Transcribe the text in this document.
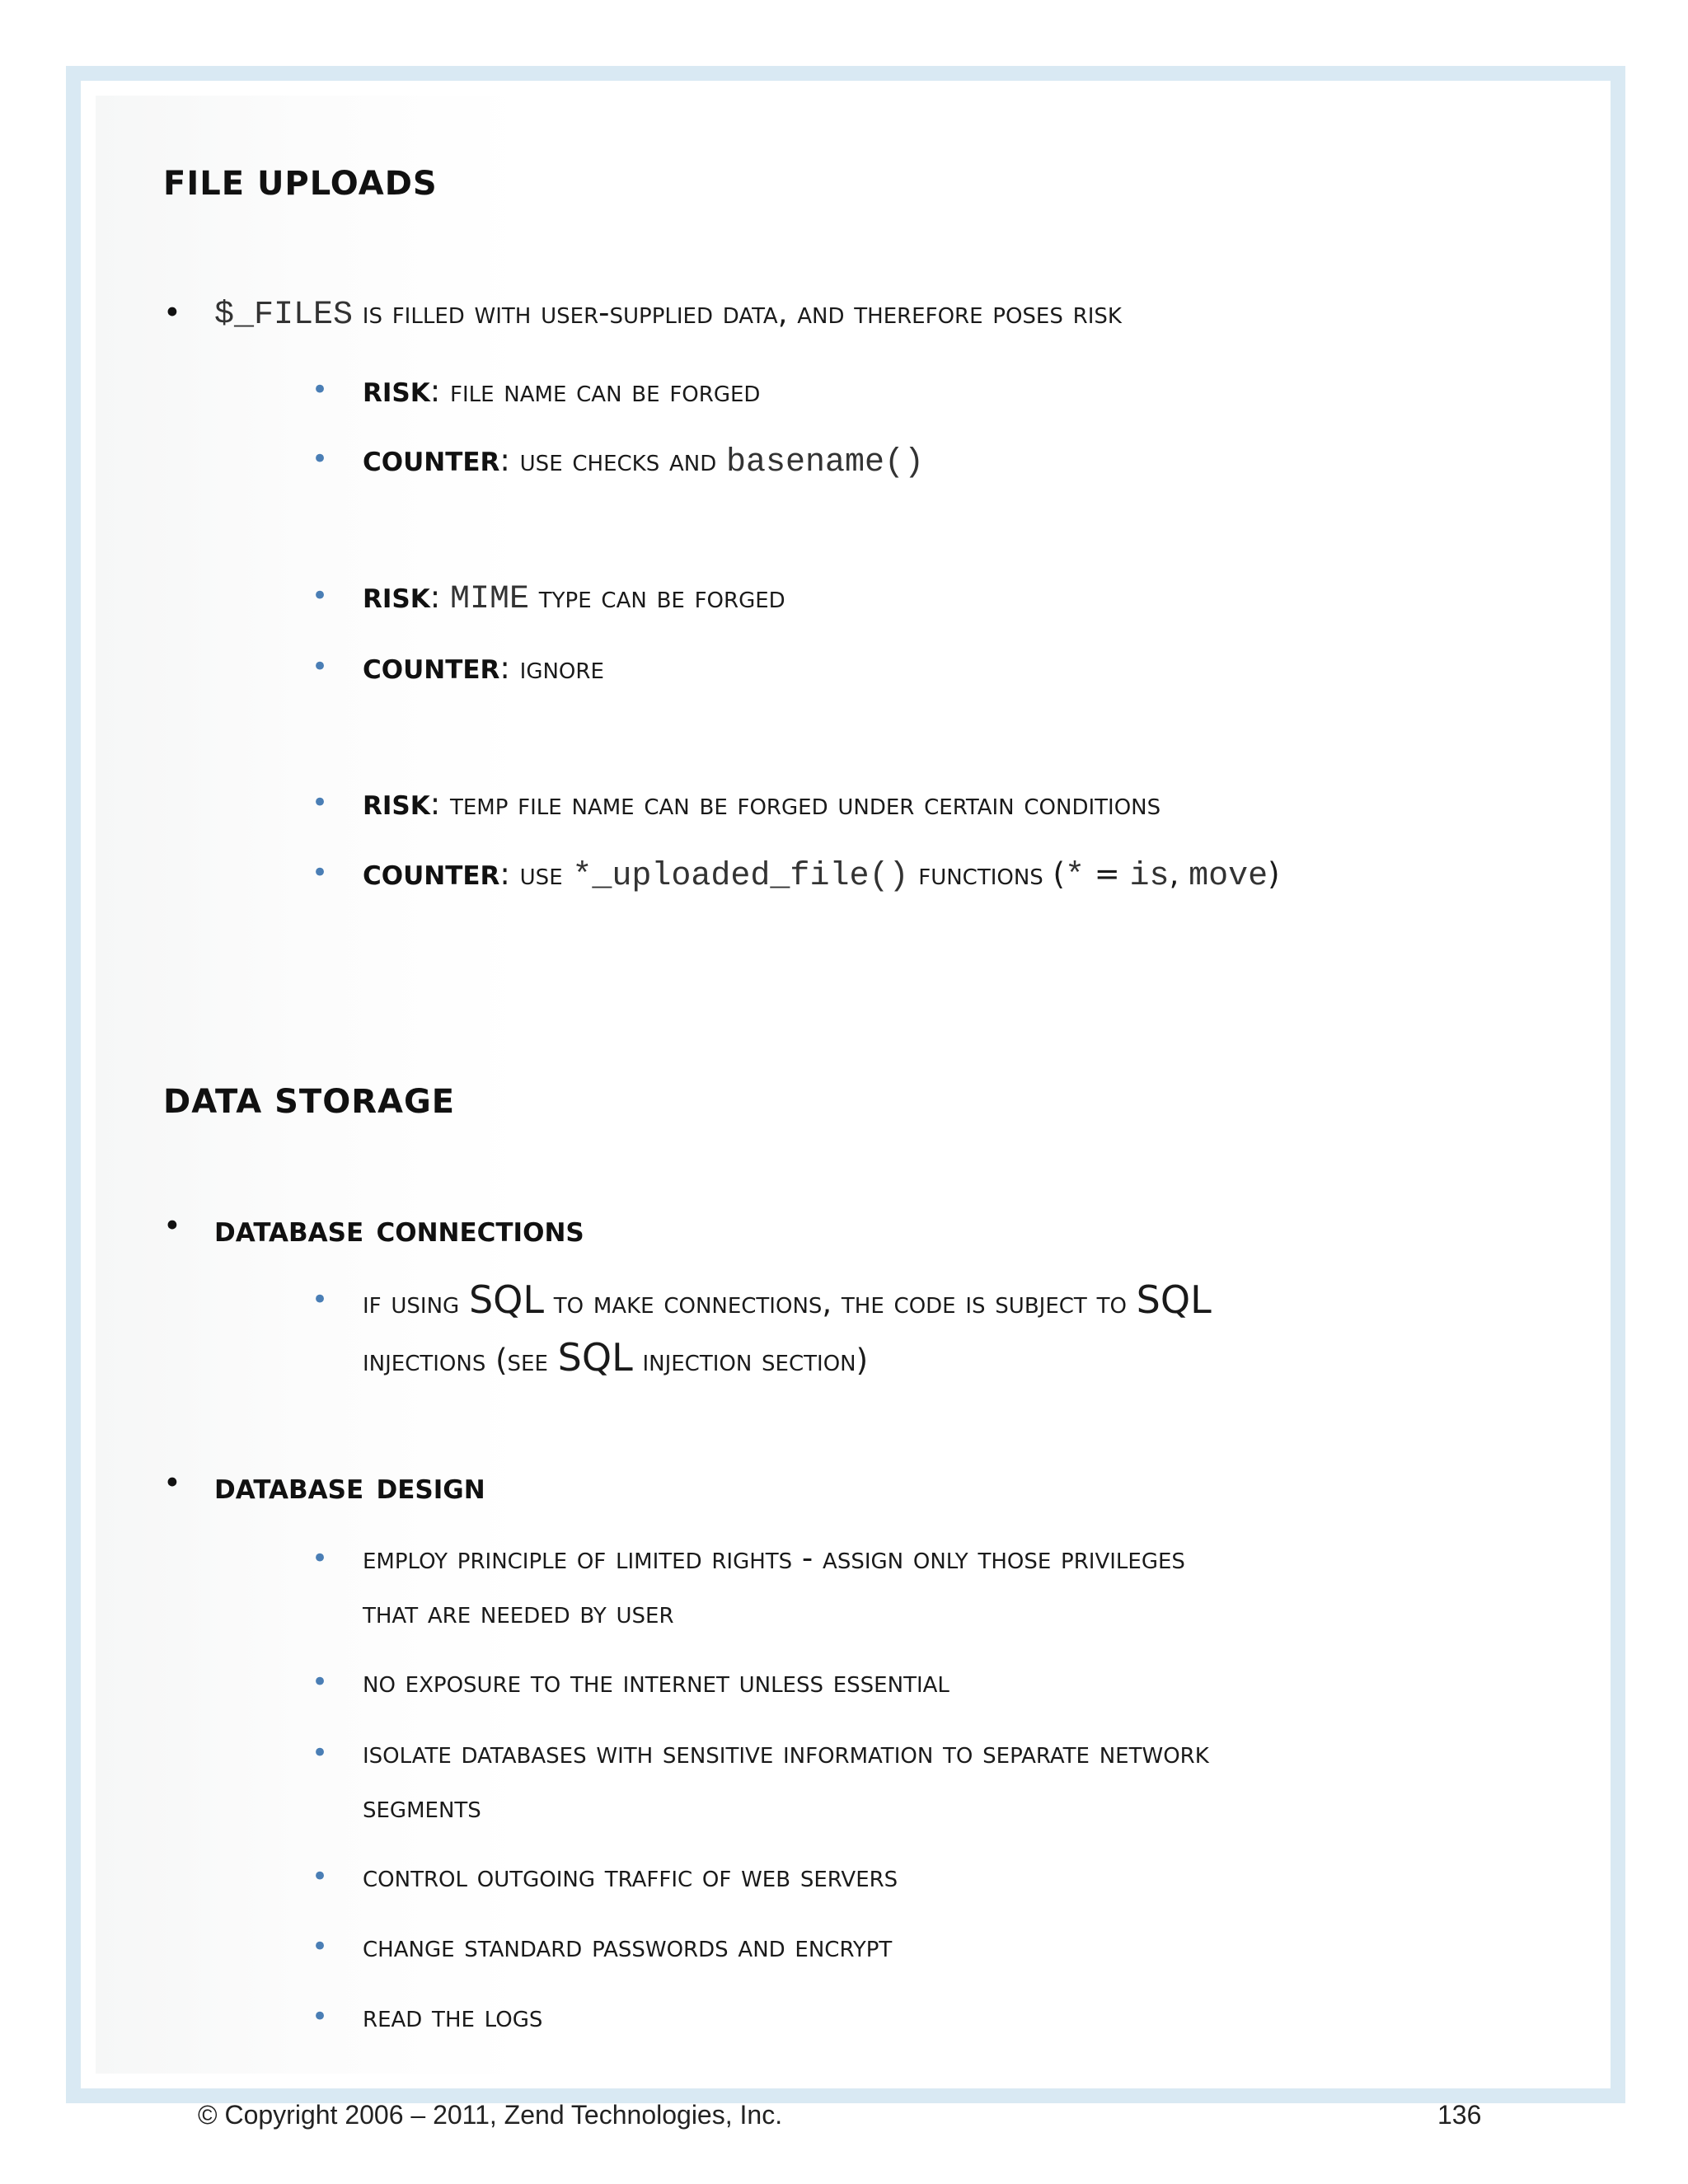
FILE UPLOADS
• $_FILES is filled with user-supplied data, and therefore poses risk
• risk: file name can be forged
• counter: use checks and basename()
• risk: MIME type can be forged
• counter: ignore
• risk: temp file name can be forged under certain conditions
• counter: use *_uploaded_file() functions (* = is, move)
DATA STORAGE
• database connections
• if using SQL to make connections, the code is subject to SQL
injections (see SQL injection section)
• database design
• employ principle of limited rights - assign only those privileges
that are needed by user
• no exposure to the internet unless essential
• isolate databases with sensitive information to separate network
segments
• control outgoing traffic of web servers
• change standard passwords and encrypt
• read the logs
© Copyright 2006 – 2011, Zend Technologies, Inc.	136
